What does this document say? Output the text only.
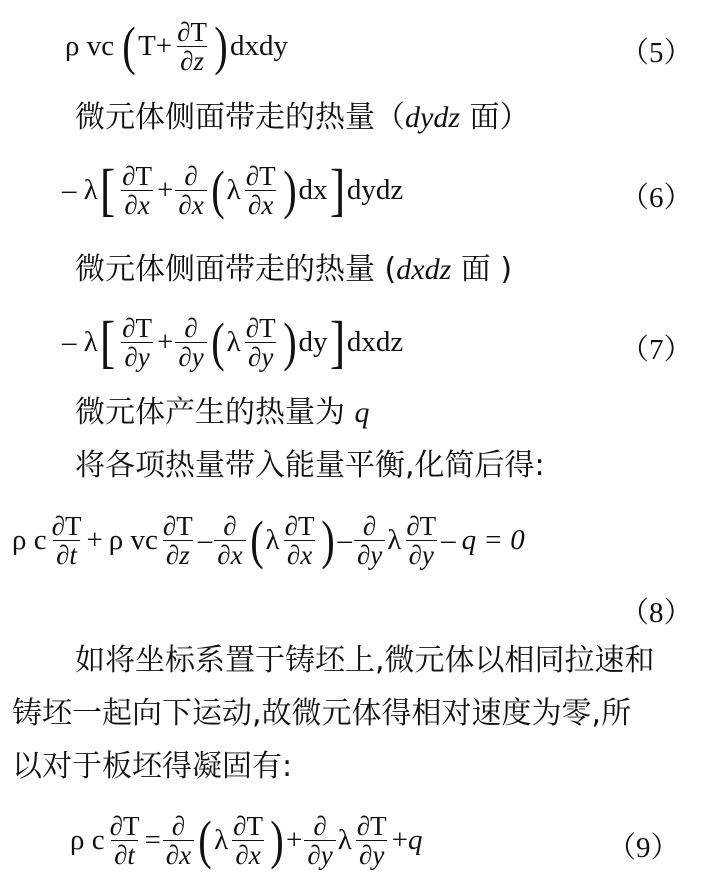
ρ vc ( $T+ \frac{\partial T}{\partial z}$ ) dxdy	（5）
微元体侧面带走的热量（dydz 面）
– λ [ $\frac{\partial T}{\partial x} + \frac{\partial}{\partial x}$ ( λ $\frac{\partial T}{\partial x}$ ) dx ] dydz	（6）
微元体侧面带走的热量 (dxdz 面 )
– λ [ $\frac{\partial T}{\partial y} + \frac{\partial}{\partial y}$ ( λ $\frac{\partial T}{\partial y}$ ) dy ] dxdz	（7）
微元体产生的热量为 q
将各项热量带入能量平衡,化简后得:
ρ c $\frac{\partial T}{\partial t} + \rho$ vc $\frac{\partial T}{\partial z} - \frac{\partial}{\partial x}$ ( λ $\frac{\partial T}{\partial x}$ ) – $\frac{\partial}{\partial y}$ λ $\frac{\partial T}{\partial y} - q = 0$
（8）
如将坐标系置于铸坯上,微元体以相同拉速和
铸坯一起向下运动,故微元体得相对速度为零,所
以对于板坯得凝固有:
ρ c $\frac{\partial T}{\partial t} = \frac{\partial}{\partial x}$ ( λ $\frac{\partial T}{\partial x}$ ) + $\frac{\partial}{\partial y}$ λ $\frac{\partial T}{\partial y} + q$	（9）
